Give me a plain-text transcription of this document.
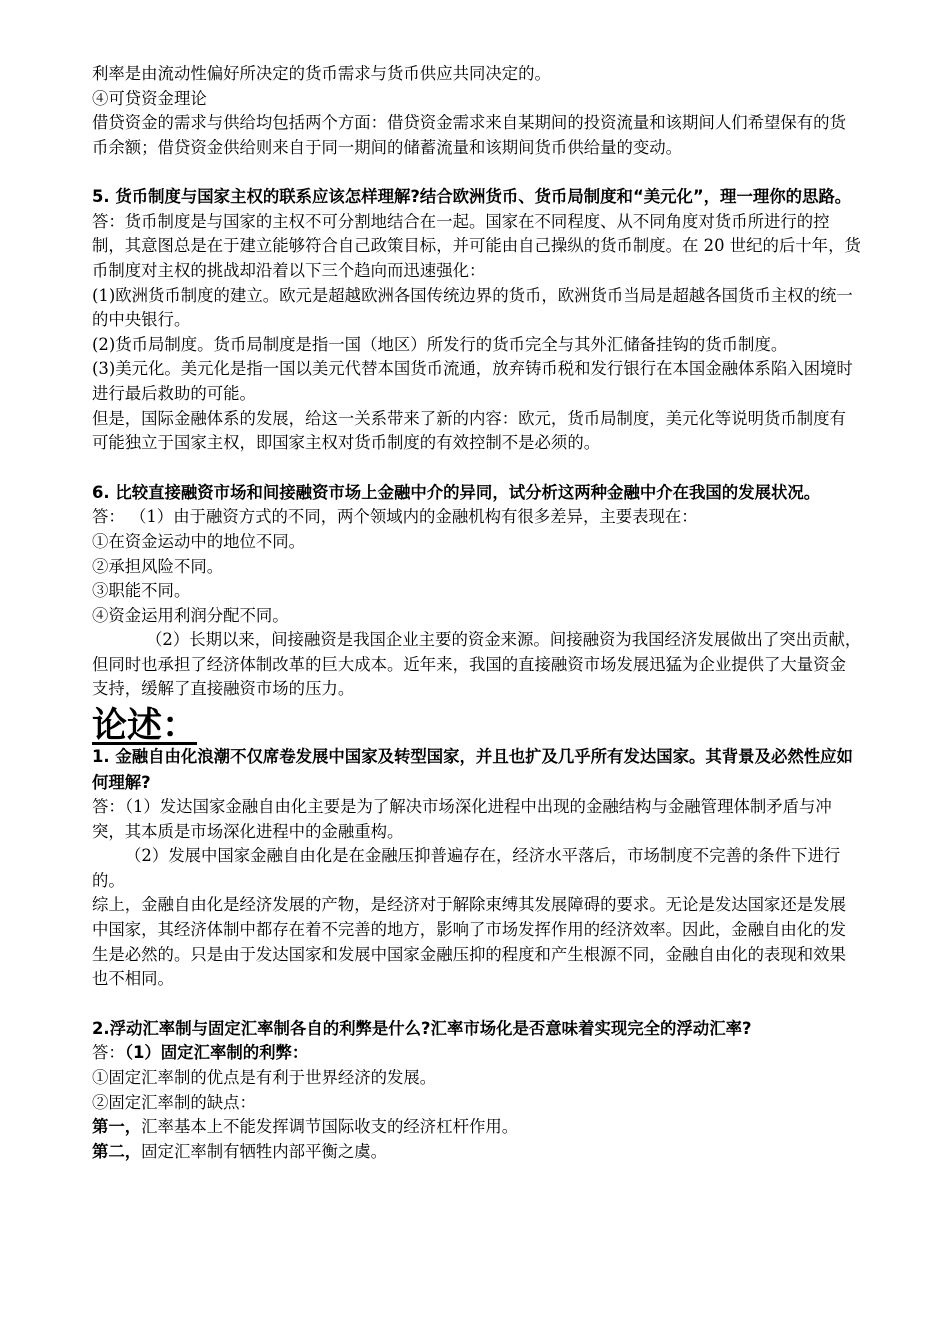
利率是由流动性偏好所决定的货币需求与货币供应共同决定的。

④可贷资金理论

借贷资金的需求与供给均包括两个方面：借贷资金需求来自某期间的投资流量和该期间人们希望保有的货币余额；借贷资金供给则来自于同一期间的储蓄流量和该期间货币供给量的变动。

5. 货币制度与国家主权的联系应该怎样理解?结合欧洲货币、货币局制度和“美元化”，理一理你的思路。

答：货币制度是与国家的主权不可分割地结合在一起。国家在不同程度、从不同角度对货币所进行的控制，其意图总是在于建立能够符合自己政策目标，并可能由自己操纵的货币制度。在 20 世纪的后十年，货币制度对主权的挑战却沿着以下三个趋向而迅速强化：

(1)欧洲货币制度的建立。欧元是超越欧洲各国传统边界的货币，欧洲货币当局是超越各国货币主权的统一的中央银行。

(2)货币局制度。货币局制度是指一国（地区）所发行的货币完全与其外汇储备挂钩的货币制度。

(3)美元化。美元化是指一国以美元代替本国货币流通，放弃铸币税和发行银行在本国金融体系陷入困境时进行最后救助的可能。

但是，国际金融体系的发展，给这一关系带来了新的内容：欧元，货币局制度，美元化等说明货币制度有可能独立于国家主权，即国家主权对货币制度的有效控制不是必须的。

6. 比较直接融资市场和间接融资市场上金融中介的异同，试分析这两种金融中介在我国的发展状况。

答： （1）由于融资方式的不同，两个领域内的金融机构有很多差异，主要表现在：

①在资金运动中的地位不同。

②承担风险不同。

③职能不同。

④资金运用利润分配不同。

（2）长期以来，间接融资是我国企业主要的资金来源。间接融资为我国经济发展做出了突出贡献，但同时也承担了经济体制改革的巨大成本。近年来，我国的直接融资市场发展迅猛为企业提供了大量资金支持，缓解了直接融资市场的压力。

论述：

1. 金融自由化浪潮不仅席卷发展中国家及转型国家，并且也扩及几乎所有发达国家。其背景及必然性应如何理解?

答：（1）发达国家金融自由化主要是为了解决市场深化进程中出现的金融结构与金融管理体制矛盾与冲突，其本质是市场深化进程中的金融重构。

（2）发展中国家金融自由化是在金融压抑普遍存在，经济水平落后，市场制度不完善的条件下进行的。

综上，金融自由化是经济发展的产物，是经济对于解除束缚其发展障碍的要求。无论是发达国家还是发展中国家，其经济体制中都存在着不完善的地方，影响了市场发挥作用的经济效率。因此，金融自由化的发生是必然的。只是由于发达国家和发展中国家金融压抑的程度和产生根源不同，金融自由化的表现和效果也不相同。

2.浮动汇率制与固定汇率制各自的利弊是什么?汇率市场化是否意味着实现完全的浮动汇率?

答：（1）固定汇率制的利弊：

①固定汇率制的优点是有利于世界经济的发展。

②固定汇率制的缺点：

第一，汇率基本上不能发挥调节国际收支的经济杠杆作用。

第二，固定汇率制有牺牲内部平衡之虞。
